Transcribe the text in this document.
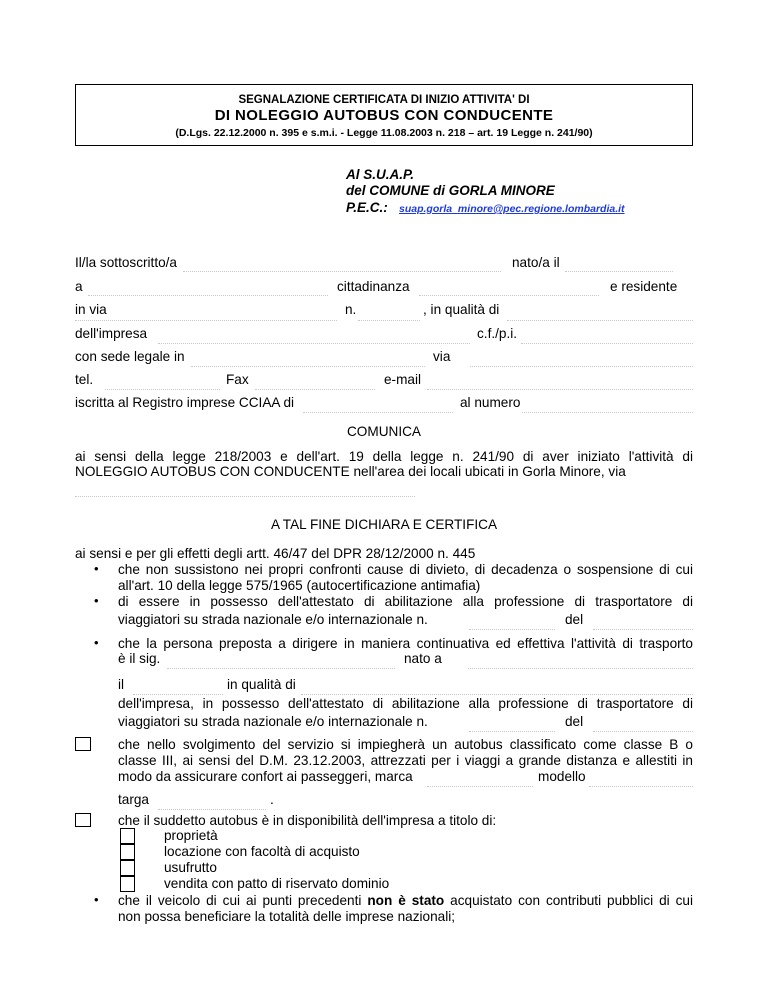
SEGNALAZIONE CERTIFICATA DI INIZIO ATTIVITA' DI
DI NOLEGGIO AUTOBUS CON CONDUCENTE
(D.Lgs. 22.12.2000 n. 395 e s.m.i. - Legge 11.08.2003 n. 218 – art. 19 Legge n. 241/90)
Al S.U.A.P.
del COMUNE di GORLA MINORE
P.E.C.: suap.gorla_minore@pec.regione.lombardia.it
Il/la sottoscritto/a	nato/a il
a	cittadinanza	e residente
in via	n.	, in qualità di
dell'impresa	c.f./p.i.
con sede legale in	via
tel.	Fax	e-mail
iscritta al Registro imprese CCIAA di	al numero
COMUNICA
ai sensi della legge 218/2003 e dell'art. 19 della legge n. 241/90 di aver iniziato l'attività di
NOLEGGIO AUTOBUS CON CONDUCENTE nell'area dei locali ubicati in Gorla Minore, via
A TAL FINE DICHIARA E CERTIFICA
ai sensi e per gli effetti degli artt. 46/47 del DPR 28/12/2000 n. 445
• che non sussistono nei propri confronti cause di divieto, di decadenza o sospensione di cui
all'art. 10 della legge 575/1965 (autocertificazione antimafia)
• di essere in possesso dell'attestato di abilitazione alla professione di trasportatore di
viaggiatori su strada nazionale e/o internazionale n.	del
• che la persona preposta a dirigere in maniera continuativa ed effettiva l'attività di trasporto
è il sig.	nato a
il	in qualità di
dell'impresa, in possesso dell'attestato di abilitazione alla professione di trasportatore di
viaggiatori su strada nazionale e/o internazionale n.	del
che nello svolgimento del servizio si impiegherà un autobus classificato come classe B o
classe III, ai sensi del D.M. 23.12.2003, attrezzati per i viaggi a grande distanza e allestiti in
modo da assicurare confort ai passeggeri, marca	modello
targa	.
che il suddetto autobus è in disponibilità dell'impresa a titolo di:
proprietà
locazione con facoltà di acquisto
usufrutto
vendita con patto di riservato dominio
• che il veicolo di cui ai punti precedenti non è stato acquistato con contributi pubblici di cui
non possa beneficiare la totalità delle imprese nazionali;
